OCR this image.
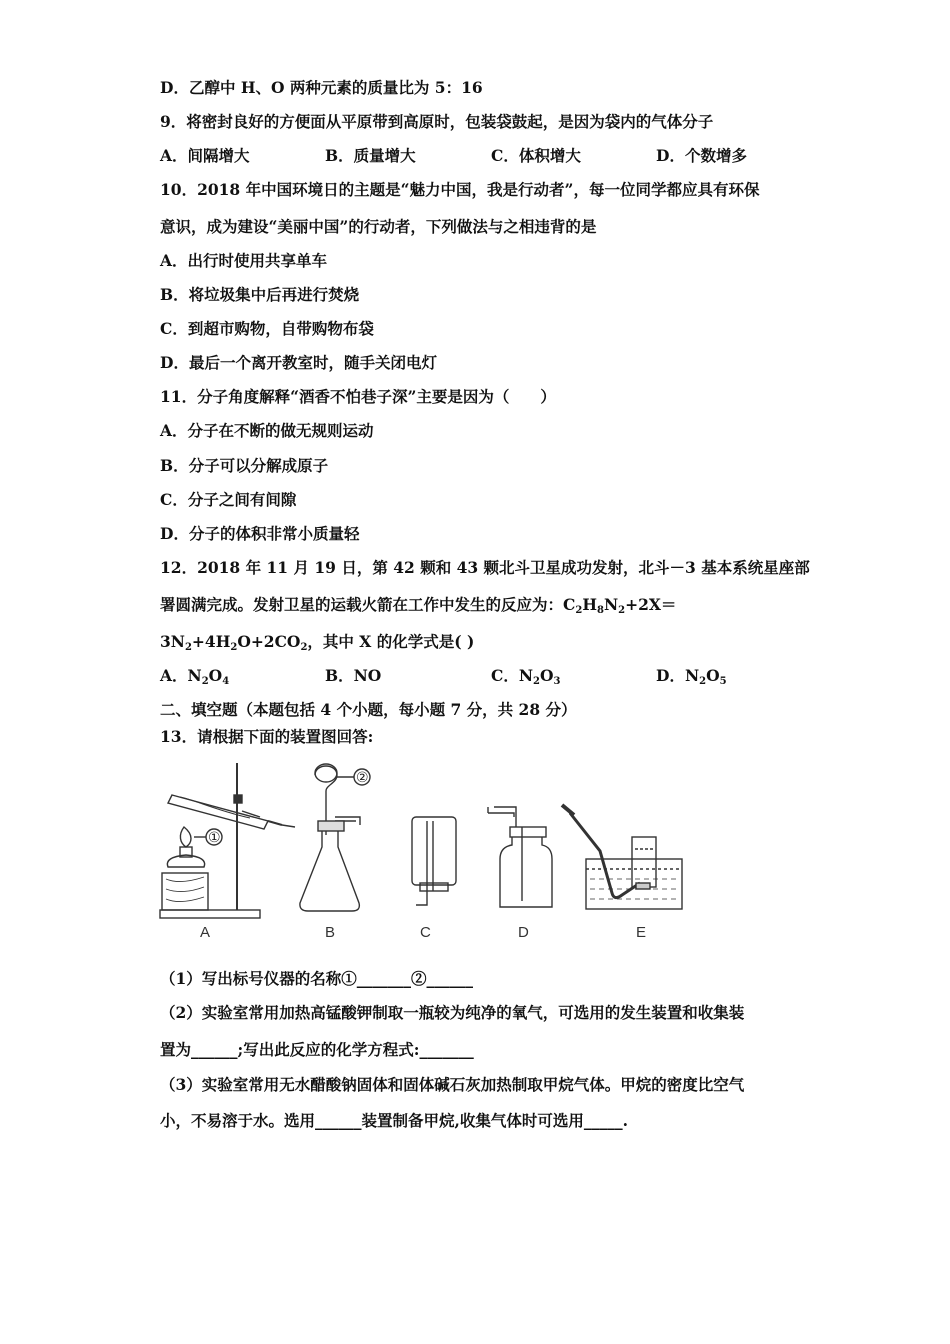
D．乙醇中 H、O 两种元素的质量比为 5：16
9．将密封良好的方便面从平原带到高原时，包装袋鼓起，是因为袋内的气体分子
A．间隔增大	B．质量增大	C．体积增大	D．个数增多
10．2018 年中国环境日的主题是“魅力中国，我是行动者”，每一位同学都应具有环保
意识，成为建设“美丽中国”的行动者，下列做法与之相违背的是
A．出行时使用共享单车
B．将垃圾集中后再进行焚烧
C．到超市购物，自带购物布袋
D．最后一个离开教室时，随手关闭电灯
11．分子角度解释“酒香不怕巷子深”主要是因为（　　）
A．分子在不断的做无规则运动
B．分子可以分解成原子
C．分子之间有间隙
D．分子的体积非常小质量轻
12．2018 年 11 月 19 日，第 42 颗和 43 颗北斗卫星成功发射，北斗－3 基本系统星座部
署圆满完成。发射卫星的运载火箭在工作中发生的反应为：$C_2H_8N_2+2X=$
$3N_2+4H_2O+2CO_2$，其中 X 的化学式是( )
A．$N_2O_4$	B．NO	C．$N_2O_3$	D．$N_2O_5$
二、填空题（本题包括 4 个小题，每小题 7 分，共 28 分）
13．请根据下面的装置图回答:
①
②
A	B	C	D	E
（1）写出标号仪器的名称①_______②______
（2）实验室常用加热高锰酸钾制取一瓶较为纯净的氧气，可选用的发生装置和收集装
置为______;写出此反应的化学方程式:_______
（3）实验室常用无水醋酸钠固体和固体碱石灰加热制取甲烷气体。甲烷的密度比空气
小，不易溶于水。选用______装置制备甲烷,收集气体时可选用_____.
